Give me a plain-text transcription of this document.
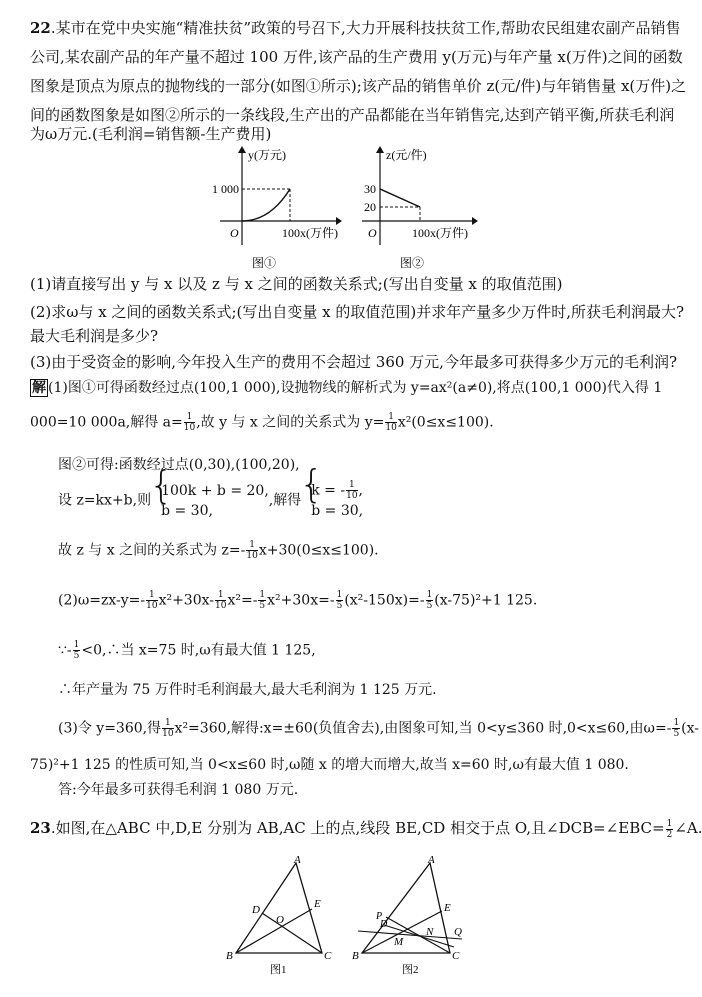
22.某市在党中央实施“精准扶贫”政策的号召下,大力开展科技扶贫工作,帮助农民组建农副产品销售
公司,某农副产品的年产量不超过 100 万件,该产品的生产费用 y(万元)与年产量 x(万件)之间的函数
图象是顶点为原点的抛物线的一部分(如图①所示);该产品的销售单价 z(元/件)与年销售量 x(万件)之
间的函数图象是如图②所示的一条线段,生产出的产品都能在当年销售完,达到产销平衡,所获毛利润
为ω万元.(毛利润=销售额-生产费用)
y(万元)
1 000
O	100 x(万件)
图①
z(元/件)
30
20
O	100 x(万件)
图②
(1)请直接写出 y 与 x 以及 z 与 x 之间的函数关系式;(写出自变量 x 的取值范围)
(2)求ω与 x 之间的函数关系式;(写出自变量 x 的取值范围)并求年产量多少万件时,所获毛利润最大?
最大毛利润是多少?
(3)由于受资金的影响,今年投入生产的费用不会超过 360 万元,今年最多可获得多少万元的毛利润?
解 (1)图①可得函数经过点(100,1 000),设抛物线的解析式为 y=ax²(a≠0),将点(100,1 000)代入得 1
000=10 000a,解得 $a= \frac{1}{10}$ ,故 y 与 x 之间的关系式为 $y= \frac{1}{10} x^2(0\le x\le 100)$.
图②可得:函数经过点(0,30),(100,20),
设 z=kx+b,则
{ 100k + b = 20,
b = 30,
,解得
{ k = - $\frac{1}{10}$ ,
b = 30,
故 z 与 x 之间的关系式为 $z=- \frac{1}{10} x+30(0\le x\le 100)$.
$(2)\omega=zx-y=- \frac{1}{10} x^2+30x- \frac{1}{10} x^2=- \frac{1}{5} x^2+30x=- \frac{1}{5} (x^2-150x)=- \frac{1}{5} (x-75)^2+1$ 125.
∵- $\frac{1}{5}$ <0,∴当 x=75 时,ω有最大值 1 125,
∴年产量为 75 万件时毛利润最大,最大毛利润为 1 125 万元.
(3)令 y=360,得 $\frac{1}{10} x^2=360$,解得:x=±60(负值舍去),由图象可知,当 0<y≤360 时,0<x≤60,由$\omega=- \frac{1}{5} (x-$
75)²+1 125 的性质可知,当 0<x≤60 时,ω随 x 的增大而增大,故当 x=60 时,ω有最大值 1 080.
答:今年最多可获得毛利润 1 080 万元.
23.如图,在△ABC 中,D,E 分别为 AB,AC 上的点,线段 BE,CD 相交于点 O,且∠DCB=∠EBC= $\frac{1}{2}$ ∠A.
A
D	E
O
B	C
图1
A
P
D
E
M
N Q
B	C
图2
